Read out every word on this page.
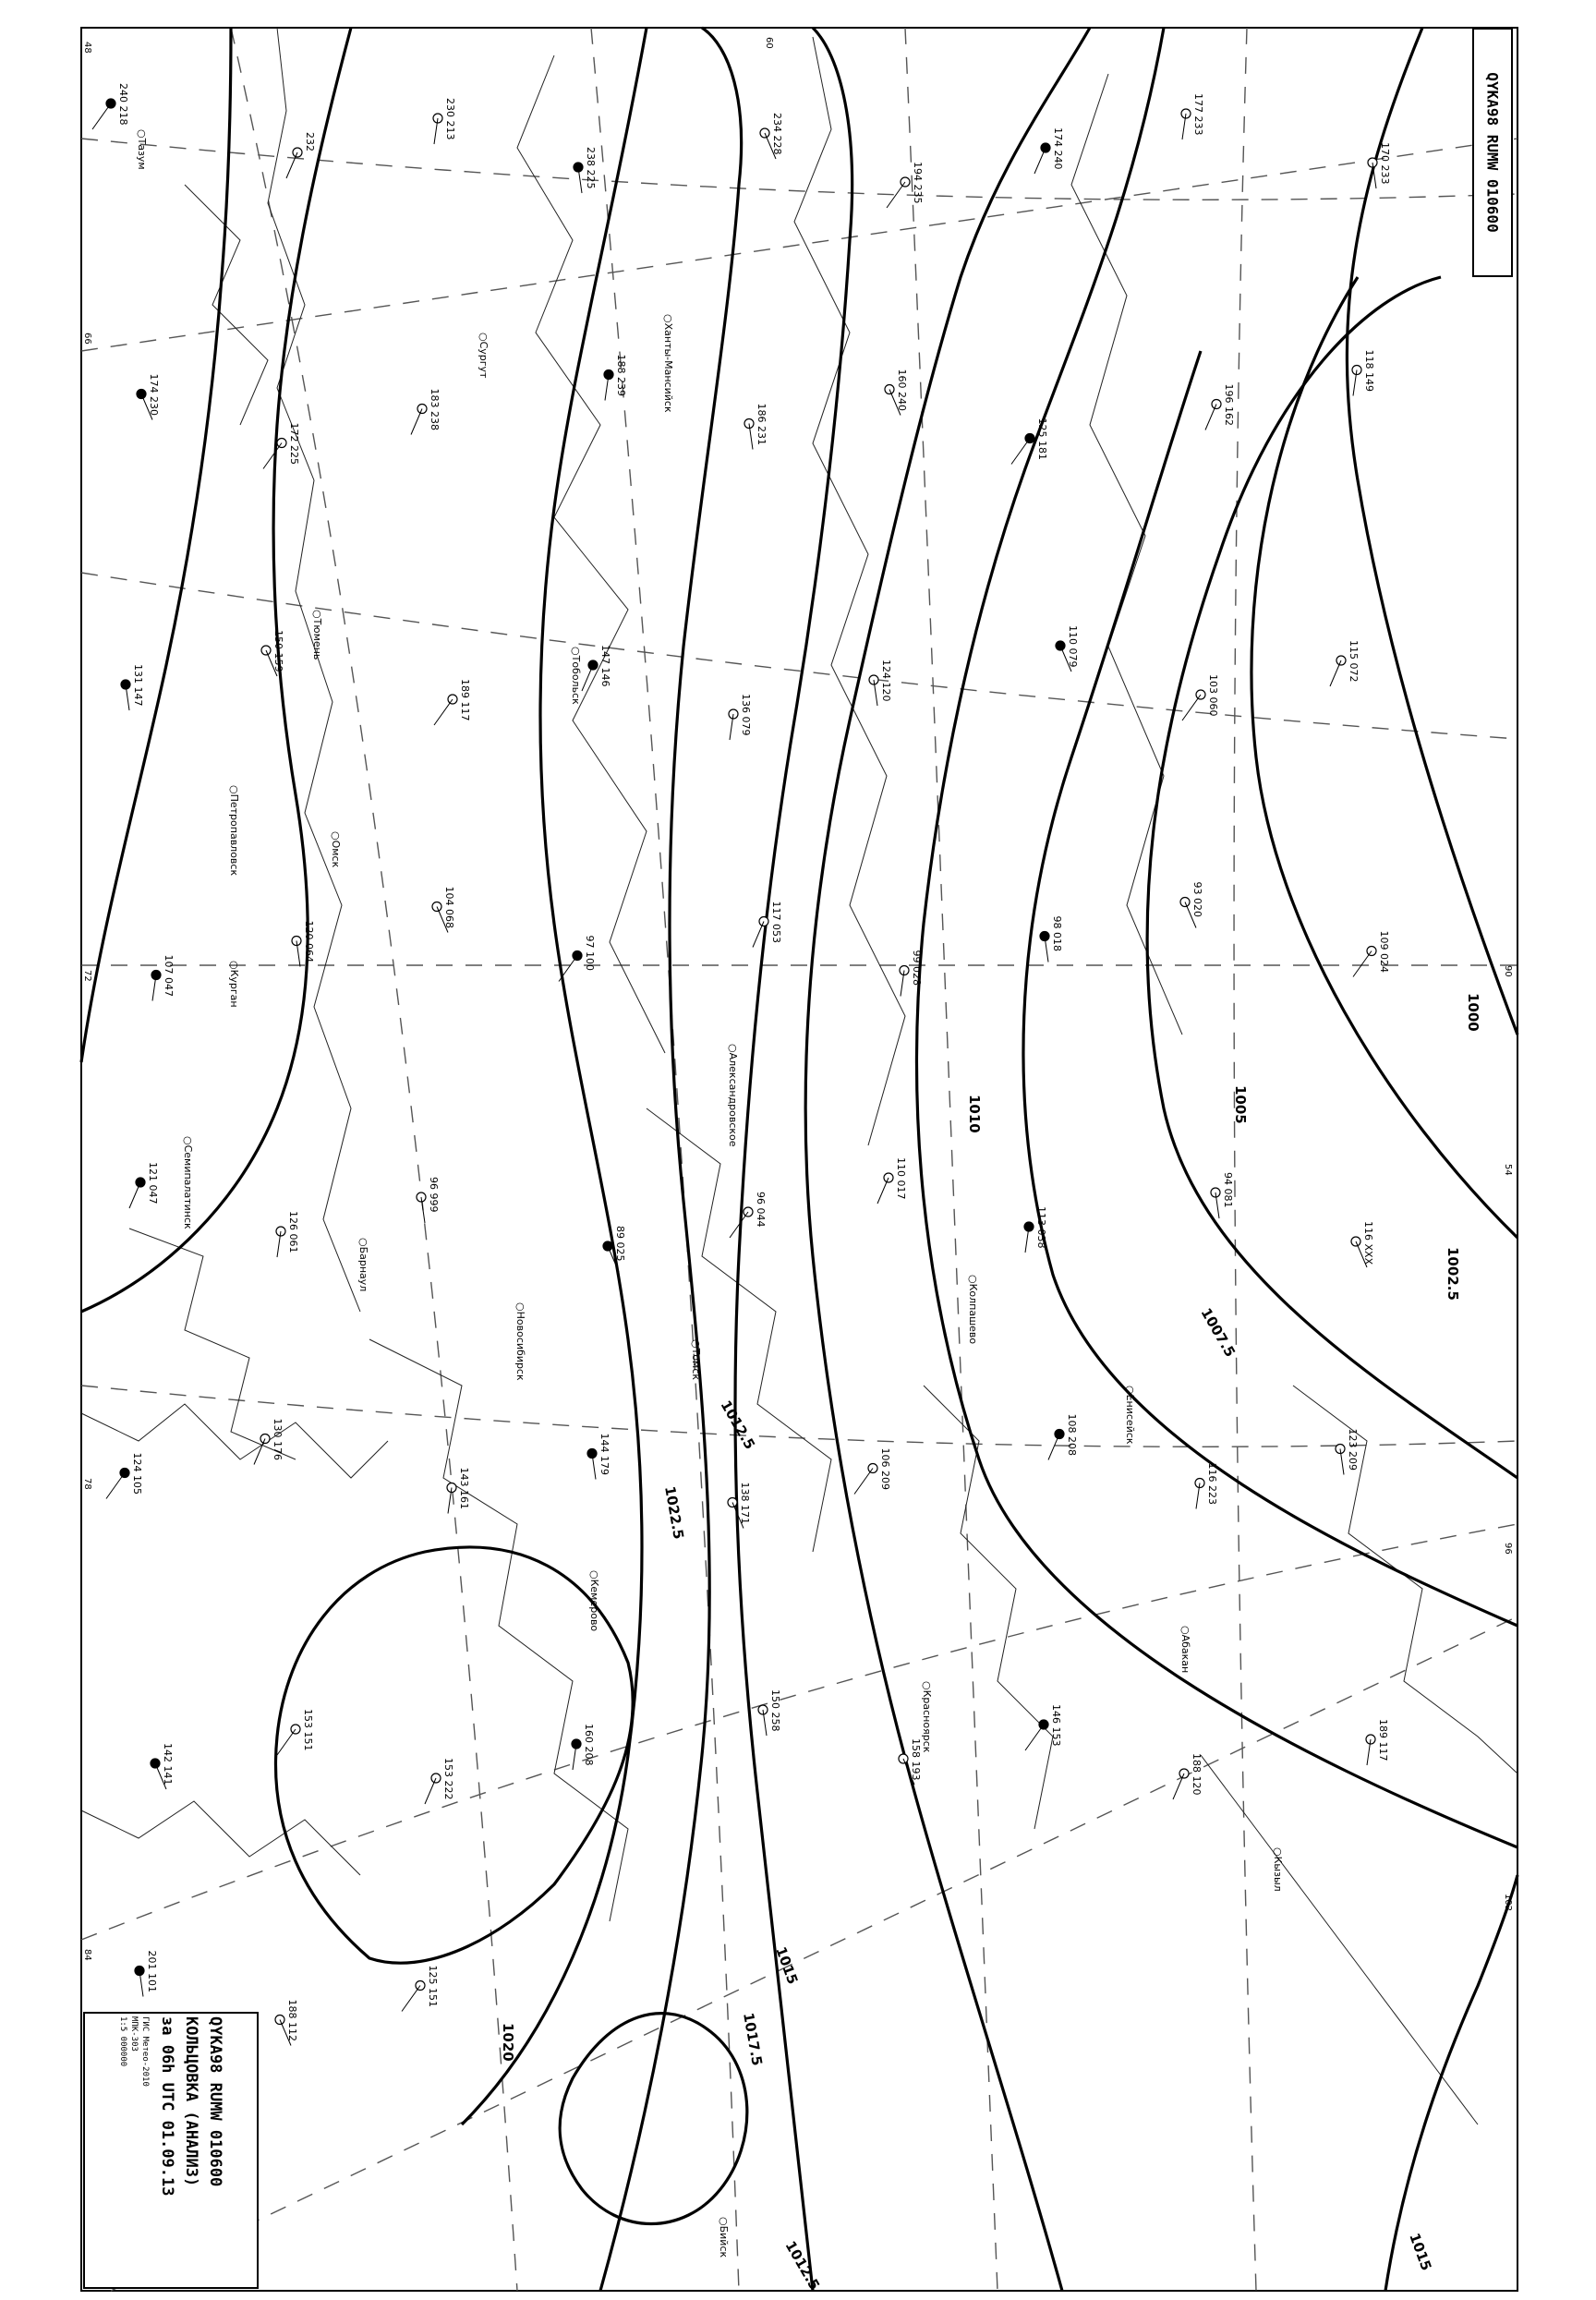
1000
1002.5
1005
1007.5
1010
1012.5
1015
1017.5
1020
1022.5
1012.5	1015
○Тазум
○Сургут	○Ханты-Мансийск
○Тобольск
○Тюмень
○Курган
○Омск
○Петропавловск
○Александровское
○Колпашево
○Семипалатинск
○Барнаул
○Новосибирск	○Томск
○Кемерово
○Абакан
○Красноярск
○Енисейск
○Кызыл
○Бийск
240 218
232
230 213
238 225
234 228
194 235
174 240
177 233
170 233
174 230
172 225
183 238
188 239
186 231
160 240
125 181
196 162
118 149
131 147
150 159
189 117
147 146
136 079
124 120
110 079
103 060
115 072
107 047
120 064
104 068
97 100
117 053
99 028
98 018
93 020
109 024
121 047
126 061
96 999
89 025
96 044
110 017
113 038
94 081
116 XXX
124 105
130 176
143 161
144 179
138 171
106 209
108 208
116 223
123 209
142 141
153 151
153 222
160 208
150 258
158 193
146 153
188 120
189 117
201 101
188 112
125 151
48
66
72
78
84
90
96
102
60
54
QYKA98 RUMW 010600
QYKA98 RUMW 010600
КОЛЬЦОВКА (АНАЛИЗ)
за 06h UTC 01.09.13
ГИС Метео-2010
МПК-303
1:5 000000
